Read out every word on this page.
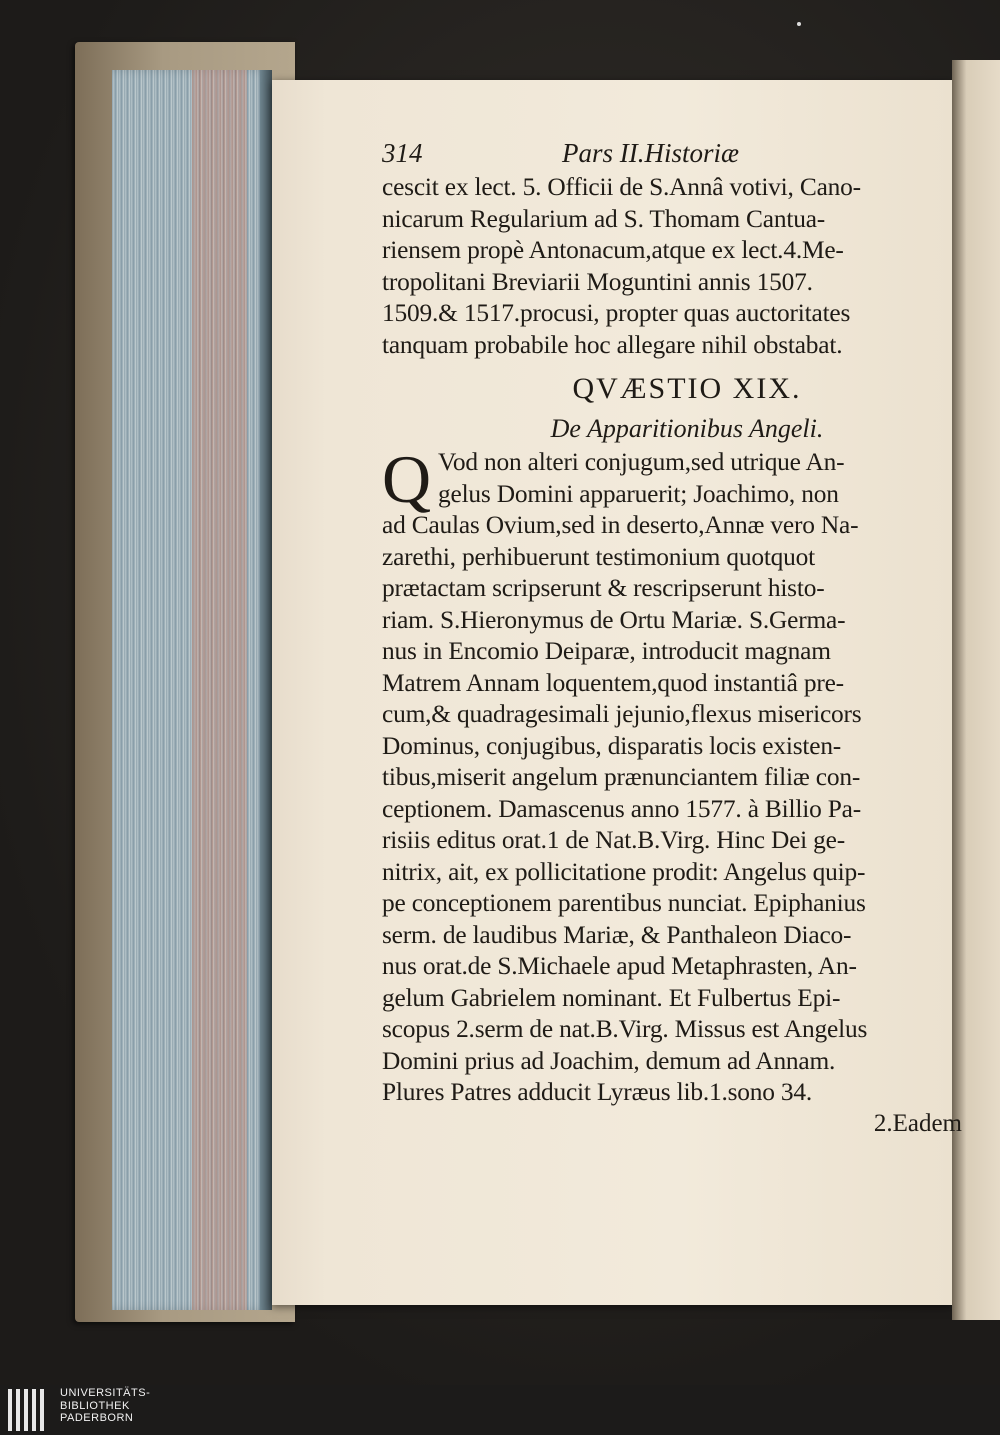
314	Pars II.Historiæ
cescit ex lect. 5. Officii de S.Annâ votivi, Cano-
nicarum Regularium ad S. Thomam Cantua-
riensem propè Antonacum,atque ex lect.4.Me-
tropolitani Breviarii Moguntini annis 1507.
1509.& 1517.procusi, propter quas auctoritates
tanquam probabile hoc allegare nihil obstabat.
QVÆSTIO XIX.
De Apparitionibus Angeli.
Q Vod non alteri conjugum,sed utrique An-
gelus Domini apparuerit; Joachimo, non
ad Caulas Ovium,sed in deserto,Annæ vero Na-
zarethi, perhibuerunt testimonium quotquot
prætactam scripserunt & rescripserunt histo-
riam. S.Hieronymus de Ortu Mariæ. S.Germa-
nus in Encomio Deiparæ, introducit magnam
Matrem Annam loquentem,quod instantiâ pre-
cum,& quadragesimali jejunio,flexus misericors
Dominus, conjugibus, disparatis locis existen-
tibus,miserit angelum prænunciantem filiæ con-
ceptionem. Damascenus anno 1577. à Billio Pa-
risiis editus orat.1 de Nat.B.Virg. Hinc Dei ge-
nitrix, ait, ex pollicitatione prodit: Angelus quip-
pe conceptionem parentibus nunciat. Epiphanius
serm. de laudibus Mariæ, & Panthaleon Diaco-
nus orat.de S.Michaele apud Metaphrasten, An-
gelum Gabrielem nominant. Et Fulbertus Epi-
scopus 2.serm de nat.B.Virg. Missus est Angelus
Domini prius ad Joachim, demum ad Annam.
Plures Patres adducit Lyræus lib.1.sono 34.
2.Eadem
UNIVERSITÄTS-
BIBLIOTHEK
PADERBORN
